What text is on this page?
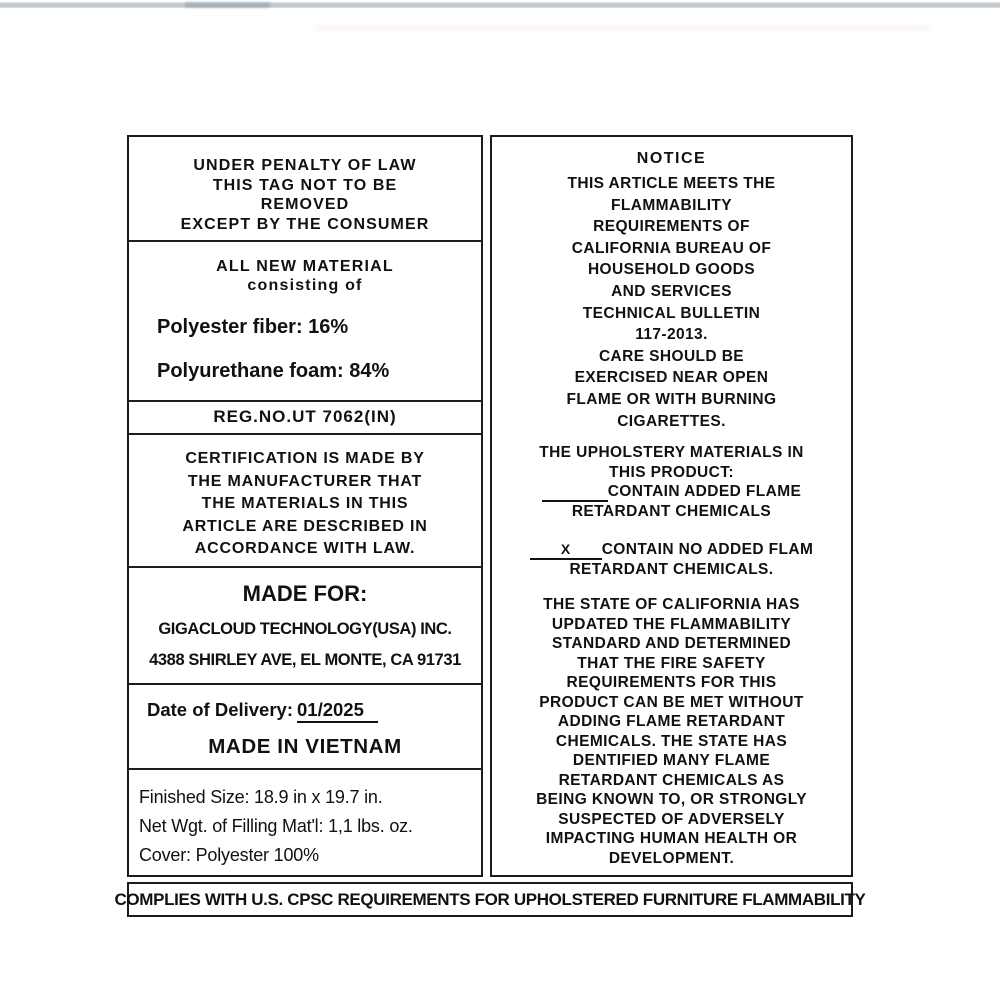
UNDER PENALTY OF LAW
THIS TAG NOT TO BE
REMOVED
EXCEPT BY THE CONSUMER
ALL NEW MATERIAL
consisting of
Polyester fiber: 16%
Polyurethane foam: 84%
REG.NO.UT 7062(IN)
CERTIFICATION IS MADE BY
THE MANUFACTURER THAT
THE MATERIALS IN THIS
ARTICLE ARE DESCRIBED IN
ACCORDANCE WITH LAW.
MADE FOR:
GIGACLOUD TECHNOLOGY(USA) INC.
4388 SHIRLEY AVE, EL MONTE, CA 91731
Date of Delivery: 01/2025
MADE IN VIETNAM
Finished Size: 18.9 in x 19.7 in.
Net Wgt. of Filling Mat'l: 1,1 lbs. oz.
Cover: Polyester 100%
NOTICE
THIS ARTICLE MEETS THE
FLAMMABILITY
REQUIREMENTS OF
CALIFORNIA BUREAU OF
HOUSEHOLD GOODS
AND SERVICES
TECHNICAL BULLETIN
117-2013.
CARE SHOULD BE
EXERCISED NEAR OPEN
FLAME OR WITH BURNING
CIGARETTES.
THE UPHOLSTERY MATERIALS IN
THIS PRODUCT:
CONTAIN ADDED FLAME
RETARDANT CHEMICALS
X CONTAIN NO ADDED FLAM
RETARDANT CHEMICALS.
THE STATE OF CALIFORNIA HAS
UPDATED THE FLAMMABILITY
STANDARD AND DETERMINED
THAT THE FIRE SAFETY
REQUIREMENTS FOR THIS
PRODUCT CAN BE MET WITHOUT
ADDING FLAME RETARDANT
CHEMICALS. THE STATE HAS
DENTIFIED MANY FLAME
RETARDANT CHEMICALS AS
BEING KNOWN TO, OR STRONGLY
SUSPECTED OF ADVERSELY
IMPACTING HUMAN HEALTH OR
DEVELOPMENT.
COMPLIES WITH U.S. CPSC REQUIREMENTS FOR UPHOLSTERED FURNITURE FLAMMABILITY
